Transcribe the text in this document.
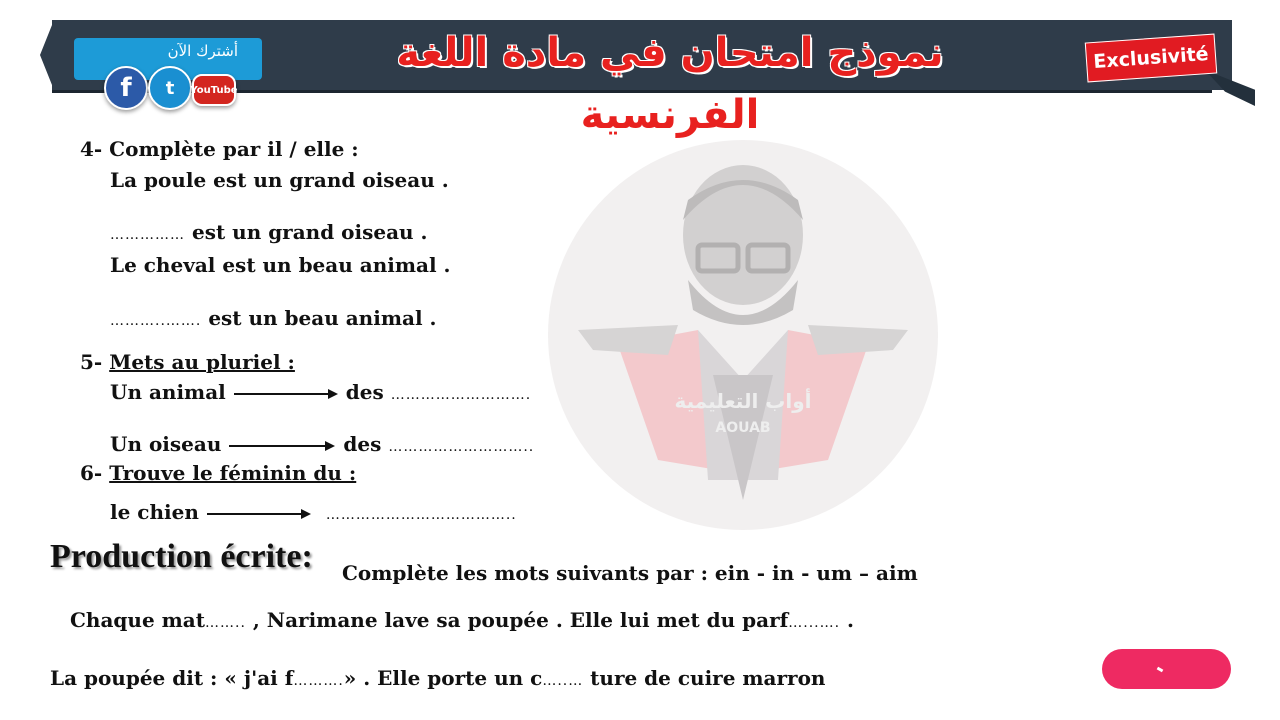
نموذج امتحان في مادة اللغة الفرنسية
أشترك الآن
f	t	YouTube
Exclusivité
أواب التعليمية
AOUAB
4- Complète par il / elle :
La poule est un grand oiseau .
…………… est un grand oiseau .
Le cheval est un beau animal .
………..……. est un beau animal .
5- Mets au pluriel :
Un animal	des ……………………….
Un oiseau	des ………………………..
6- Trouve le féminin du :
le chien	………………………………..
Production écrite: Complète les mots suivants par : ein - in - um – aim
Chaque mat…….. , Narimane lave sa poupée . Elle lui met du parf…...…. .
La poupée dit : « j'ai f……….» . Elle porte un c…..… ture de cuire marron
